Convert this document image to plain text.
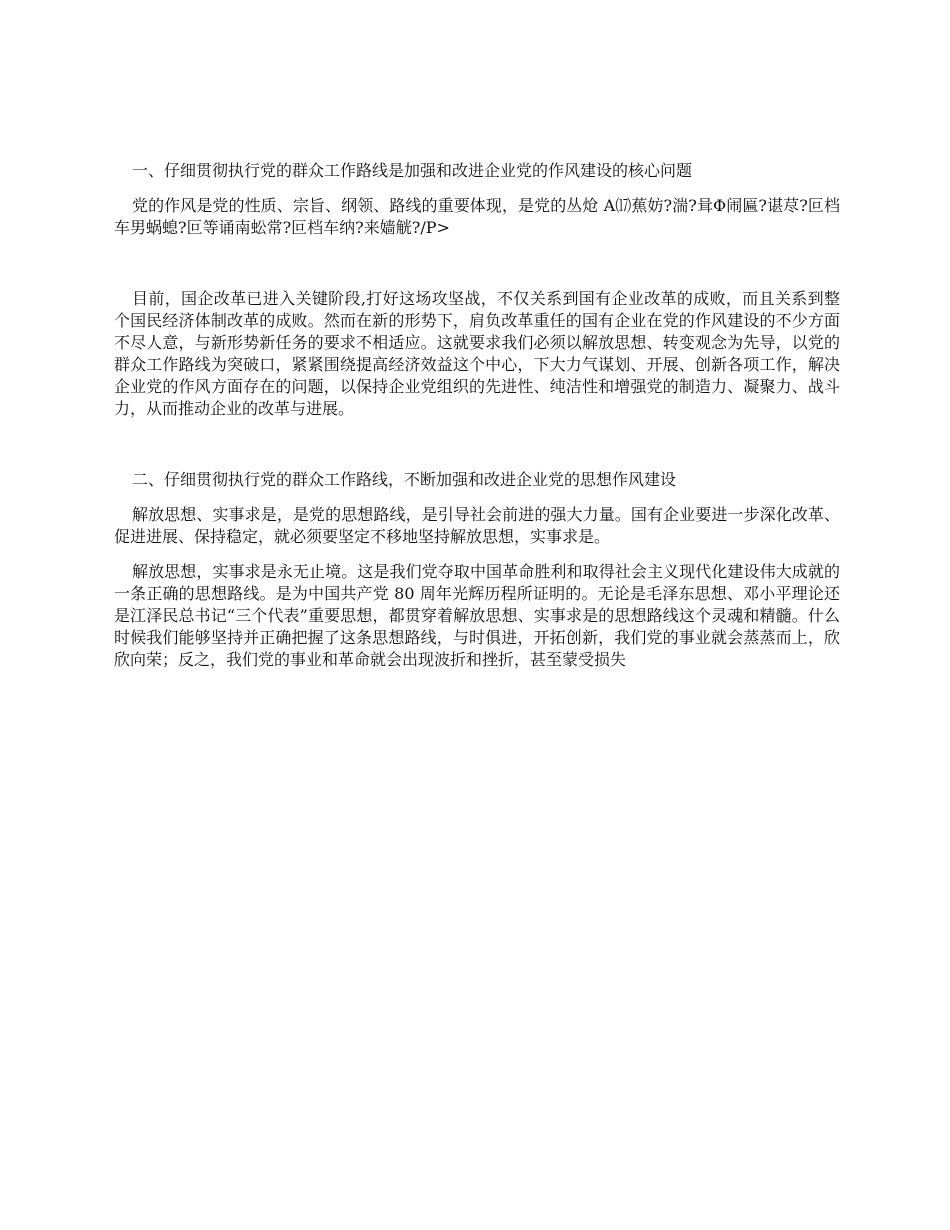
一、仔细贯彻执行党的群众工作路线是加强和改进企业党的作风建设的核心问题

党的作风是党的性质、宗旨、纲领、路线的重要体现，是党的丛炝 A⒄蕉妨?湍?咠Φ闹匾?谌荩?叵档车男蜗螅?叵等诵南蚣常?叵档车纳?来嫱觥?/P>

目前，国企改革已进入关键阶段,打好这场攻坚战，不仅关系到国有企业改革的成败，而且关系到整个国民经济体制改革的成败。然而在新的形势下，肩负改革重任的国有企业在党的作风建设的不少方面不尽人意，与新形势新任务的要求不相适应。这就要求我们必须以解放思想、转变观念为先导，以党的群众工作路线为突破口，紧紧围绕提高经济效益这个中心，下大力气谋划、开展、创新各项工作，解决企业党的作风方面存在的问题，以保持企业党组织的先进性、纯洁性和增强党的制造力、凝聚力、战斗力，从而推动企业的改革与进展。

二、仔细贯彻执行党的群众工作路线，不断加强和改进企业党的思想作风建设

解放思想、实事求是，是党的思想路线，是引导社会前进的强大力量。国有企业要进一步深化改革、促进进展、保持稳定，就必须要坚定不移地坚持解放思想，实事求是。

解放思想，实事求是永无止境。这是我们党夺取中国革命胜利和取得社会主义现代化建设伟大成就的一条正确的思想路线。是为中国共产党 80 周年光辉历程所证明的。无论是毛泽东思想、邓小平理论还是江泽民总书记“三个代表”重要思想，都贯穿着解放思想、实事求是的思想路线这个灵魂和精髓。什么时候我们能够坚持并正确把握了这条思想路线，与时俱进，开拓创新，我们党的事业就会蒸蒸而上，欣欣向荣；反之，我们党的事业和革命就会出现波折和挫折，甚至蒙受损失
